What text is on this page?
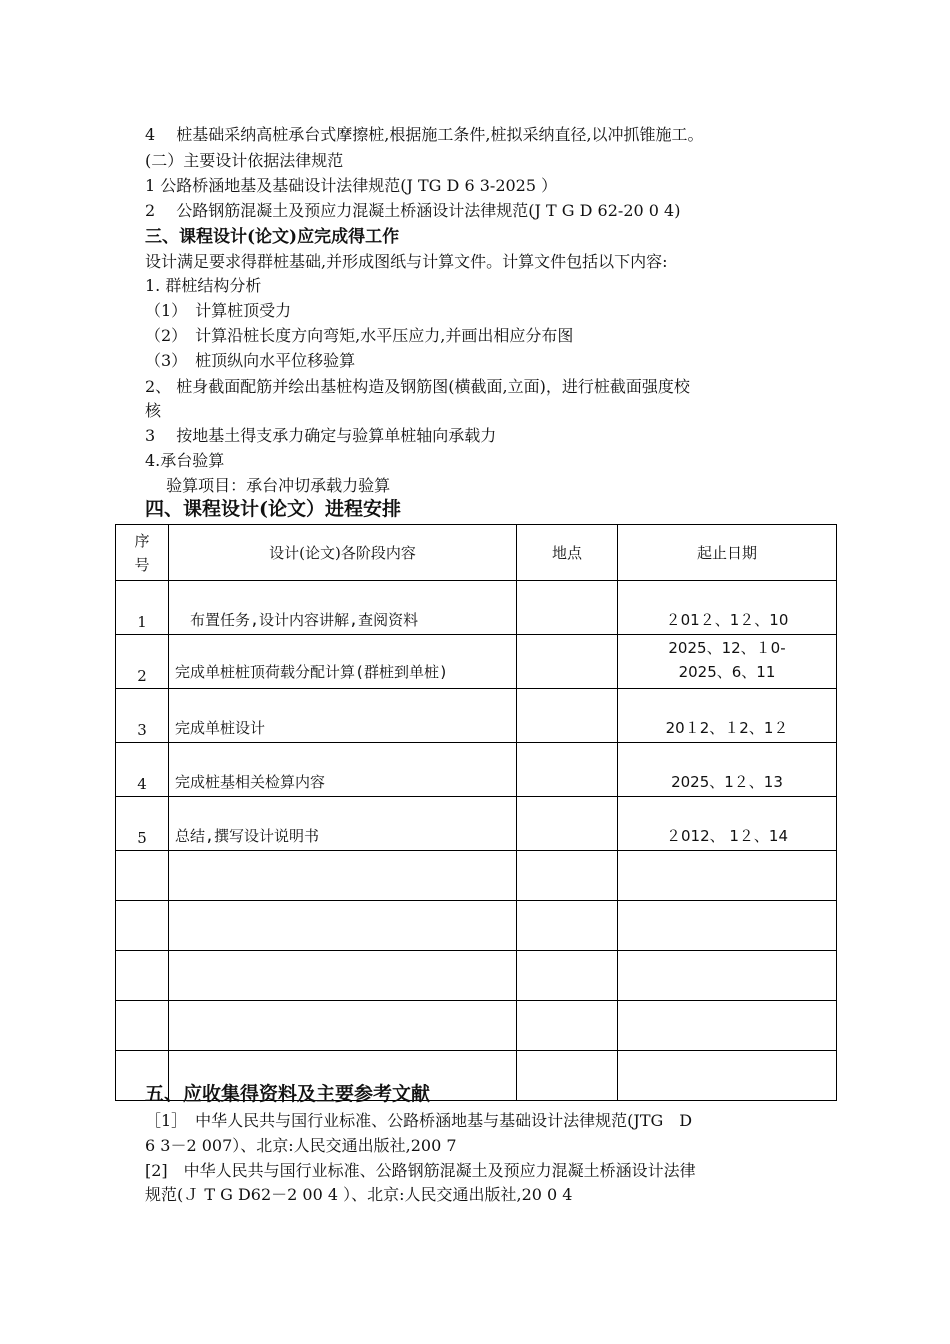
4　 桩基础采纳高桩承台式摩擦桩,根据施工条件,桩拟采纳直径,以冲抓锥施工。
(二）主要设计依据法律规范
1 公路桥涵地基及基础设计法律规范(J TG D 6 3-2025 ）
2 　公路钢筋混凝土及预应力混凝土桥涵设计法律规范(J T G D 62-20 0 4)
三、课程设计(论文)应完成得工作
设计满足要求得群桩基础,并形成图纸与计算文件。计算文件包括以下内容:
1. 群桩结构分析
（1）　计算桩顶受力
（2）　计算沿桩长度方向弯矩,水平压应力,并画出相应分布图
（3）　桩顶纵向水平位移验算
2、 桩身截面配筋并绘出基桩构造及钢筋图(横截面,立面)，进行桩截面强度校
核
3　 按地基土得支承力确定与验算单桩轴向承载力
4.承台验算
　 验算项目：承台冲切承载力验算
四、课程设计(论文）进程安排
序号	设计(论文)各阶段内容	地点	起止日期
1	　布置任务,设计内容讲解,查阅资料		２01２、1２、10
2	完成单桩桩顶荷载分配计算(群桩到单桩)		2025、12、１0-2025、6、11
3	完成单桩设计		20１2、１2、1２
4	完成桩基相关检算内容		2025、1２、13
5	总结,撰写设计说明书		２012、 1２、14

五、应收集得资料及主要参考文献
［1］　中华人民共与国行业标准、公路桥涵地基与基础设计法律规范(JTG　D
6 3－2 007）、北京:人民交通出版社,200 7
[2]　中华人民共与国行业标准、公路钢筋混凝土及预应力混凝土桥涵设计法律
规范(Ｊ T G D62－2 00 4 ）、北京:人民交通出版社,20 0 4
